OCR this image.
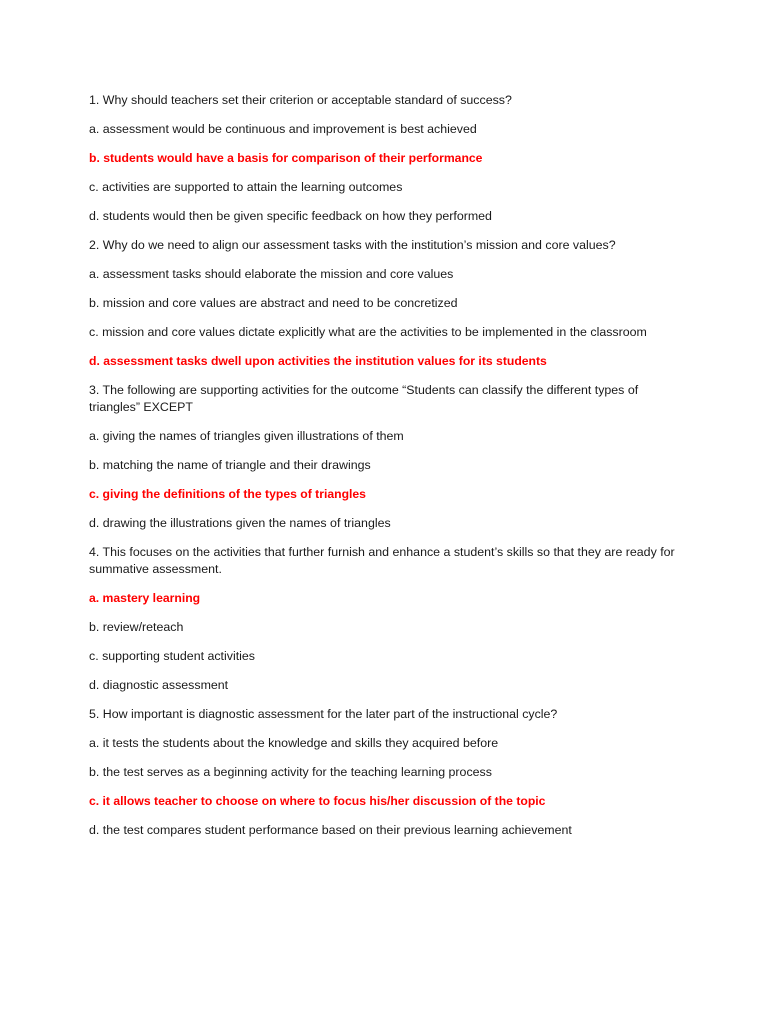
1. Why should teachers set their criterion or acceptable standard of success?

a. assessment would be continuous and improvement is best achieved

b. students would have a basis for comparison of their performance

c. activities are supported to attain the learning outcomes

d. students would then be given specific feedback on how they performed

2. Why do we need to align our assessment tasks with the institution’s mission and core values?

a. assessment tasks should elaborate the mission and core values

b. mission and core values are abstract and need to be concretized

c. mission and core values dictate explicitly what are the activities to be implemented in the classroom

d. assessment tasks dwell upon activities the institution values for its students

3. The following are supporting activities for the outcome “Students can classify the different types of triangles” EXCEPT

a. giving the names of triangles given illustrations of them

b. matching the name of triangle and their drawings

c. giving the definitions of the types of triangles

d. drawing the illustrations given the names of triangles

4. This focuses on the activities that further furnish and enhance a student’s skills so that they are ready for summative assessment.

a. mastery learning

b. review/reteach

c. supporting student activities

d. diagnostic assessment

5. How important is diagnostic assessment for the later part of the instructional cycle?

a. it tests the students about the knowledge and skills they acquired before

b. the test serves as a beginning activity for the teaching learning process

c. it allows teacher to choose on where to focus his/her discussion of the topic

d. the test compares student performance based on their previous learning achievement
